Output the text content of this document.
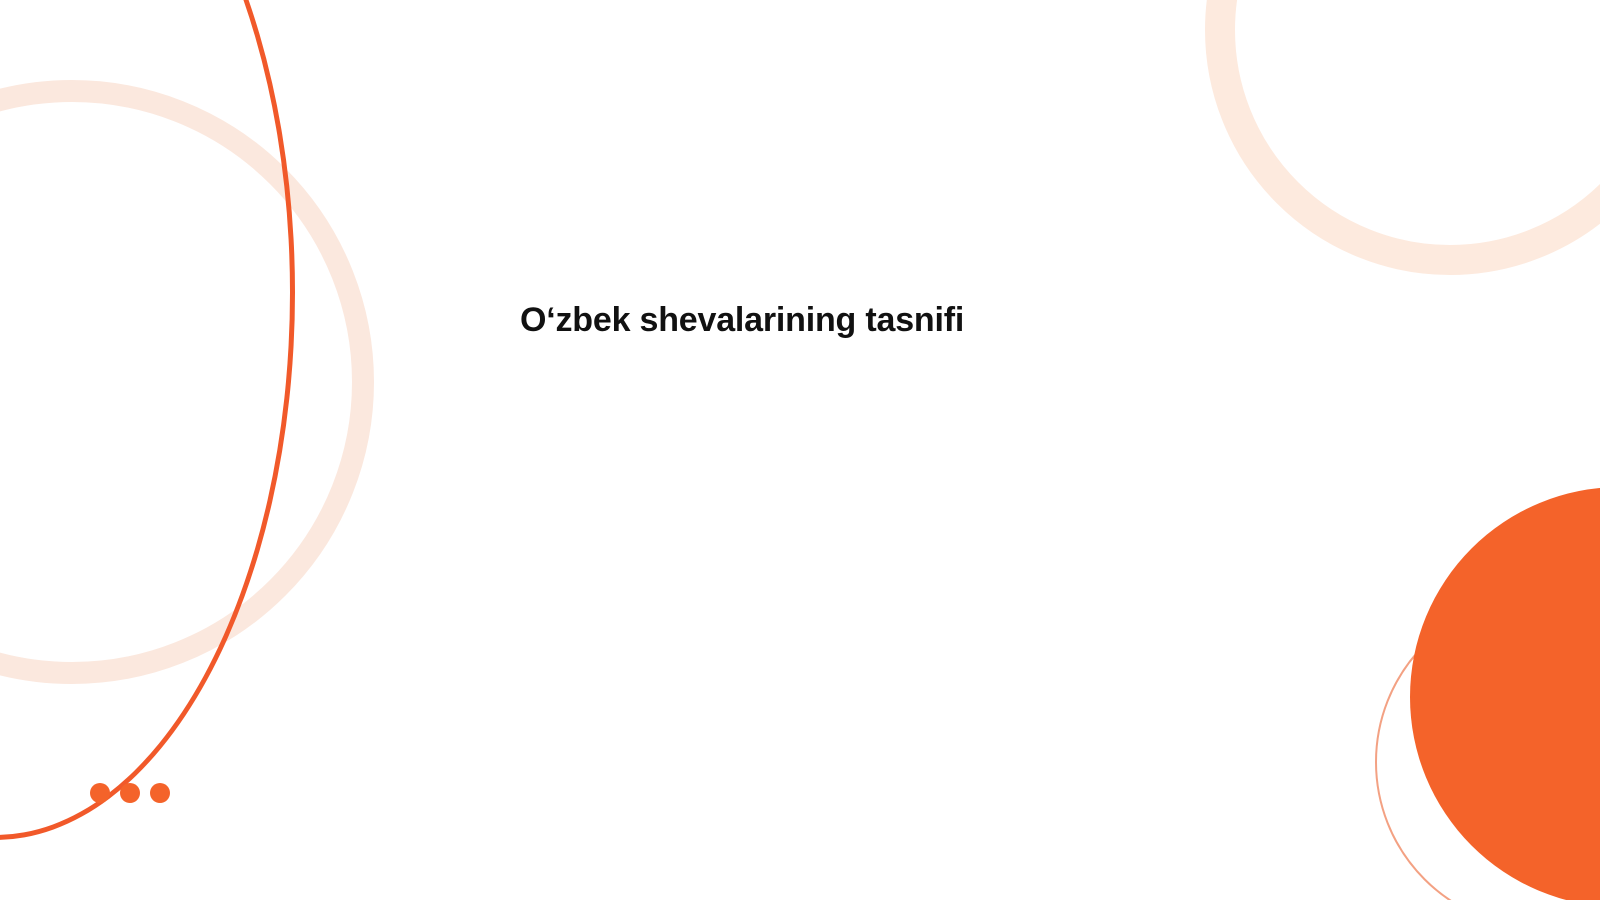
O‘zbek shevalarining tasnifi
